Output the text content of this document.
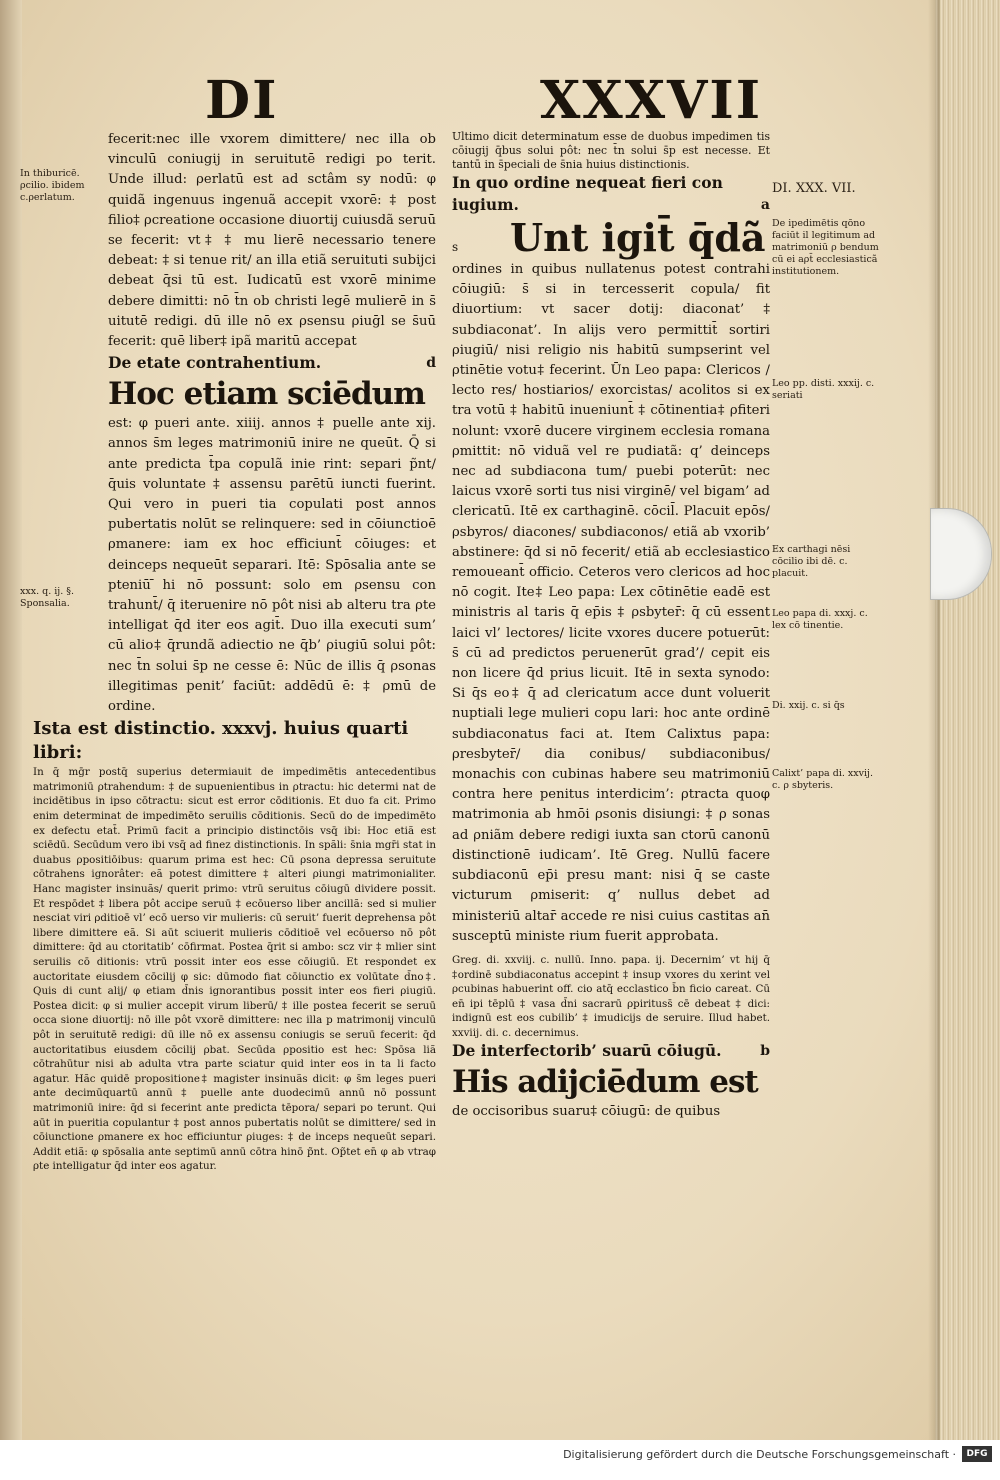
DI	XXXVII
In thiburicē. ρcilio. ibidem c.ρerlatum.
xxx. q. ij. §. Sponsalia.

fecerit:nec ille vxorem dimittere/ nec illa ob vinculū coniugij in seruitutē redigi po terit. Unde illud: ρerlatū est ad sctâm sy nodū: φ quidã ingenuus ingenuã accepit vxorē: ‡ post filio‡ ρcreatione occasione diuortij cuiusdã seruū se fecerit: vt‡ ‡ mu lierē necessario tenere debeat: ‡ si tenue rit/ an illa etiã seruituti subijci debeat q̄si tū est. Iudicatū est vxorē minime debere dimitti: nō t̄n ob christi legē mulierē in s̄ uitutē redigi. dū ille nō ex ρsensu ρiuḡl se s̄uū fecerit: quē liber‡ ipã maritū accepat

De etate contrahentium.	d

Hoc etiam sciēdum

est: φ pueri ante. xiiij. annos ‡ puelle ante xij. annos s̄m leges matrimoniū inire ne queūt. Q̄ si ante predicta t̄pa copulã inie rint: separi p̃nt/ q̄uis voluntate ‡ assensu parētū iuncti fuerint. Qui vero in pueri tia copulati post annos pubertatis nolūt se relinquere: sed in cōiunctioē ρmanere: iam ex hoc efficiunt̄ cōiuges: et deinceps nequeūt separari. Itē: Spōsalia ante se pteniū ̄hi nō possunt: solo em ρsensu con trahunt̄/ q̄ iteruenire nō pôt nisi ab alteru tra ρte intelligat q̄d iter eos agit̄. Duo illa executi sum’ cū alio‡ q̄rundã adiectio ne q̄b’ ρiugiū solui pôt: nec t̄n solui s̄p ne cesse ē: Nūc de illis q̄ ρsonas illegitimas penit’ faciūt: addēdū ē: ‡ ρmū de ordine.

Ista est distinctio. xxxvj. huius quarti libri:

In q̄ mḡr postq̄ superius determiauit de impedimētis antecedentibus matrimoniū ρtrahendum: ‡ de supuenientibus in ρtractu: hic determi nat de incidētibus in ipso cōtractu: sicut est error cōditionis. Et duo fa cit. Primo enim determinat de impedimēto seruilis cōditionis. Secū do de impedimēto ex defectu etat̄. Primū facit a principio distinctōis vsq̄ ibi: Hoc etiã est sciēdū. Secūdum vero ibi vsq̄ ad finez distinctionis. In spãli: s̄nia mgr̄i stat in duabus ρpositiōibus: quarum prima est hec: Cū ρsona depressa seruitute cōtrahens ignorâter: eã potest dimittere ‡ alteri ρiungi matrimonialiter. Hanc magister insinuãs/ querit primo: vtrū seruitus cōiugū dividere possit. Et respōdet ‡ libera pôt accipe seruū ‡ ecōuerso liber ancillã: sed si mulier nesciat viri ρditioē vl’ ecō uerso vir mulieris: cū seruit’ fuerit deprehensa pôt libere dimittere eã. Si aūt sciuerit mulieris cōditioē vel ecōuerso nō pôt dimittere: q̄d au ctoritatib’ cōfirmat. Postea q̄rit si ambo: scz vir ‡ mlier sint seruilis cō ditionis: vtrū possit inter eos esse cōiugiū. Et respondet ex auctoritate eiusdem cōcilij φ sic: dūmodo fiat cōiunctio ex volūtate d̄no‡. Quis di cunt alij/ φ etiam d̄nis ignorantibus possit inter eos fieri ρiugiū. Postea dicit: φ si mulier accepit virum liberū/ ‡ ille postea fecerit se seruū occa sione diuortij: nō ille pôt vxorē dimittere: nec illa p matrimonij vinculū pôt in seruitutē redigi: dū ille nō ex assensu coniugis se seruū fecerit: q̄d auctoritatibus eiusdem cōcilij ρbat. Secūda ρpositio est hec: Spōsa liã cōtrahūtur nisi ab adulta vtra parte sciatur quid inter eos in ta li facto agatur. Hãc quidē propositione‡ magister insinuãs dicit: φ s̄m leges pueri ante decimūquartū annū ‡ puelle ante duodecimū annū nō possunt matrimoniū inire: q̄d si fecerint ante predicta tēpora/ separi po terunt. Qui aūt in pueritia copulantur ‡ post annos pubertatis nolūt se dimittere/ sed in cōiunctione ρmanere ex hoc efficiuntur ρiuges: ‡ de inceps nequeūt separi. Addit etiã: φ spōsalia ante septimū annū cōtra hinō p̃nt. Op̃tet en̄ φ ab vtraφ ρte intelligatur q̄d inter eos agatur.

Ultimo dicit determinatum esse de duobus impedimen tis cōiugij q̄bus solui pôt: nec t̄n solui s̄p est necesse. Et tantū in s̄peciali de s̄nia huius distinctionis.

In quo ordine nequeat fieri con iugium.	a

s	Unt igit̄ q̄dã

ordines in quibus nullatenus potest contrahi cōiugiū: s̄ si in tercesserit copula/ fit diuortium: vt sacer dotij: diaconat’ ‡ subdiaconat’. In alijs vero permittit̄ sortiri ρiugiū/ nisi religio nis habitū sumpserint vel ρtinētie votu‡ fecerint. Ūn Leo papa: Clericos / lecto res/ hostiarios/ exorcistas/ acolitos si ex tra votū ‡ habitū inueniunt̄ ‡ cōtinentia‡ ρfiteri nolunt: vxorē ducere virginem ecclesia romana ρmittit: nō viduã vel re pudiatã: q’ deinceps nec ad subdiacona tum/ puebi poterūt: nec laicus vxorē sorti tus nisi virginē/ vel bigam’ ad clericatū. Itē ex carthaginē. cōcil̄. Placuit epōs/ ρsbyros/ diacones/ subdiaconos/ etiã ab vxorib’ abstinere: q̄d si nō fecerit/ etiã ab ecclesiastico remoueant̄ officio. Ceteros vero clericos ad hoc nō cogit. Ite‡ Leo papa: Lex cōtinētie eadē est ministris al taris q̄ ep̄is ‡ ρsbyter̄: q̄ cū essent laici vl’ lectores/ licite vxores ducere potuerūt: s̄ cū ad predictos peruenerūt grad’/ cepit eis non licere q̄d prius licuit. Itē in sexta synodo: Si q̄s eo‡ q̄ ad clericatum acce dunt voluerit nuptiali lege mulieri copu lari: hoc ante ordinē subdiaconatus faci at. Item Calixtus papa: ρresbyter̄/ dia conibus/ subdiaconibus/ monachis con cubinas habere seu matrimoniū contra here penitus interdicim’: ρtracta quoφ matrimonia ab hmōi ρsonis disiungi: ‡ ρ sonas ad ρniãm debere redigi iuxta san ctorū canonū distinctionē iudicam’. Itē Greg. Nullū facere subdiaconū ep̄i presu mant: nisi q̄ se caste victurum ρmiserit: q’ nullus debet ad ministeriū altar̄ accede re nisi cuius castitas an̄ susceptū ministe rium fuerit approbata.

Greg. di. xxviij. c. nullū. Inno. papa. ij. Decernim’ vt hij q̄ ‡ordinē subdiaconatus accepint ‡ insup vxores du xerint vel ρcubinas habuerint off. cio atq̄ ecclastico b̄n ficio careat. Cū en̄ ipi tēplū ‡ vasa d̄ni sacrarū ρpirituss̄ cē debeat ‡ dici: indignū est eos cubilib’ ‡ imudicijs de seruire. Illud habet. xxviij. di. c. decernimus.

De interfectorib’ suarū cōiugū.	b

His adijciēdum est

de occisoribus suaru‡ cōiugū: de quibus

DI. XXX. VII.
De ipedimētis qōno faciūt il legitimum ad matrimoniū ρ bendum cū ei aρt̄ ecclesiasticã institutionem.
Leo pp. disti. xxxij. c. seriati
Ex carthagi nēsi cōcilio ibi dē. c. placuit.
Leo papa di. xxxj. c. lex cō tinentie.
Di. xxij. c. si q̄s
Calixt’ papa di. xxvij. c. ρ sbyteris.
Digitalisierung gefördert durch die Deutsche Forschungsgemeinschaft ·	DFG
